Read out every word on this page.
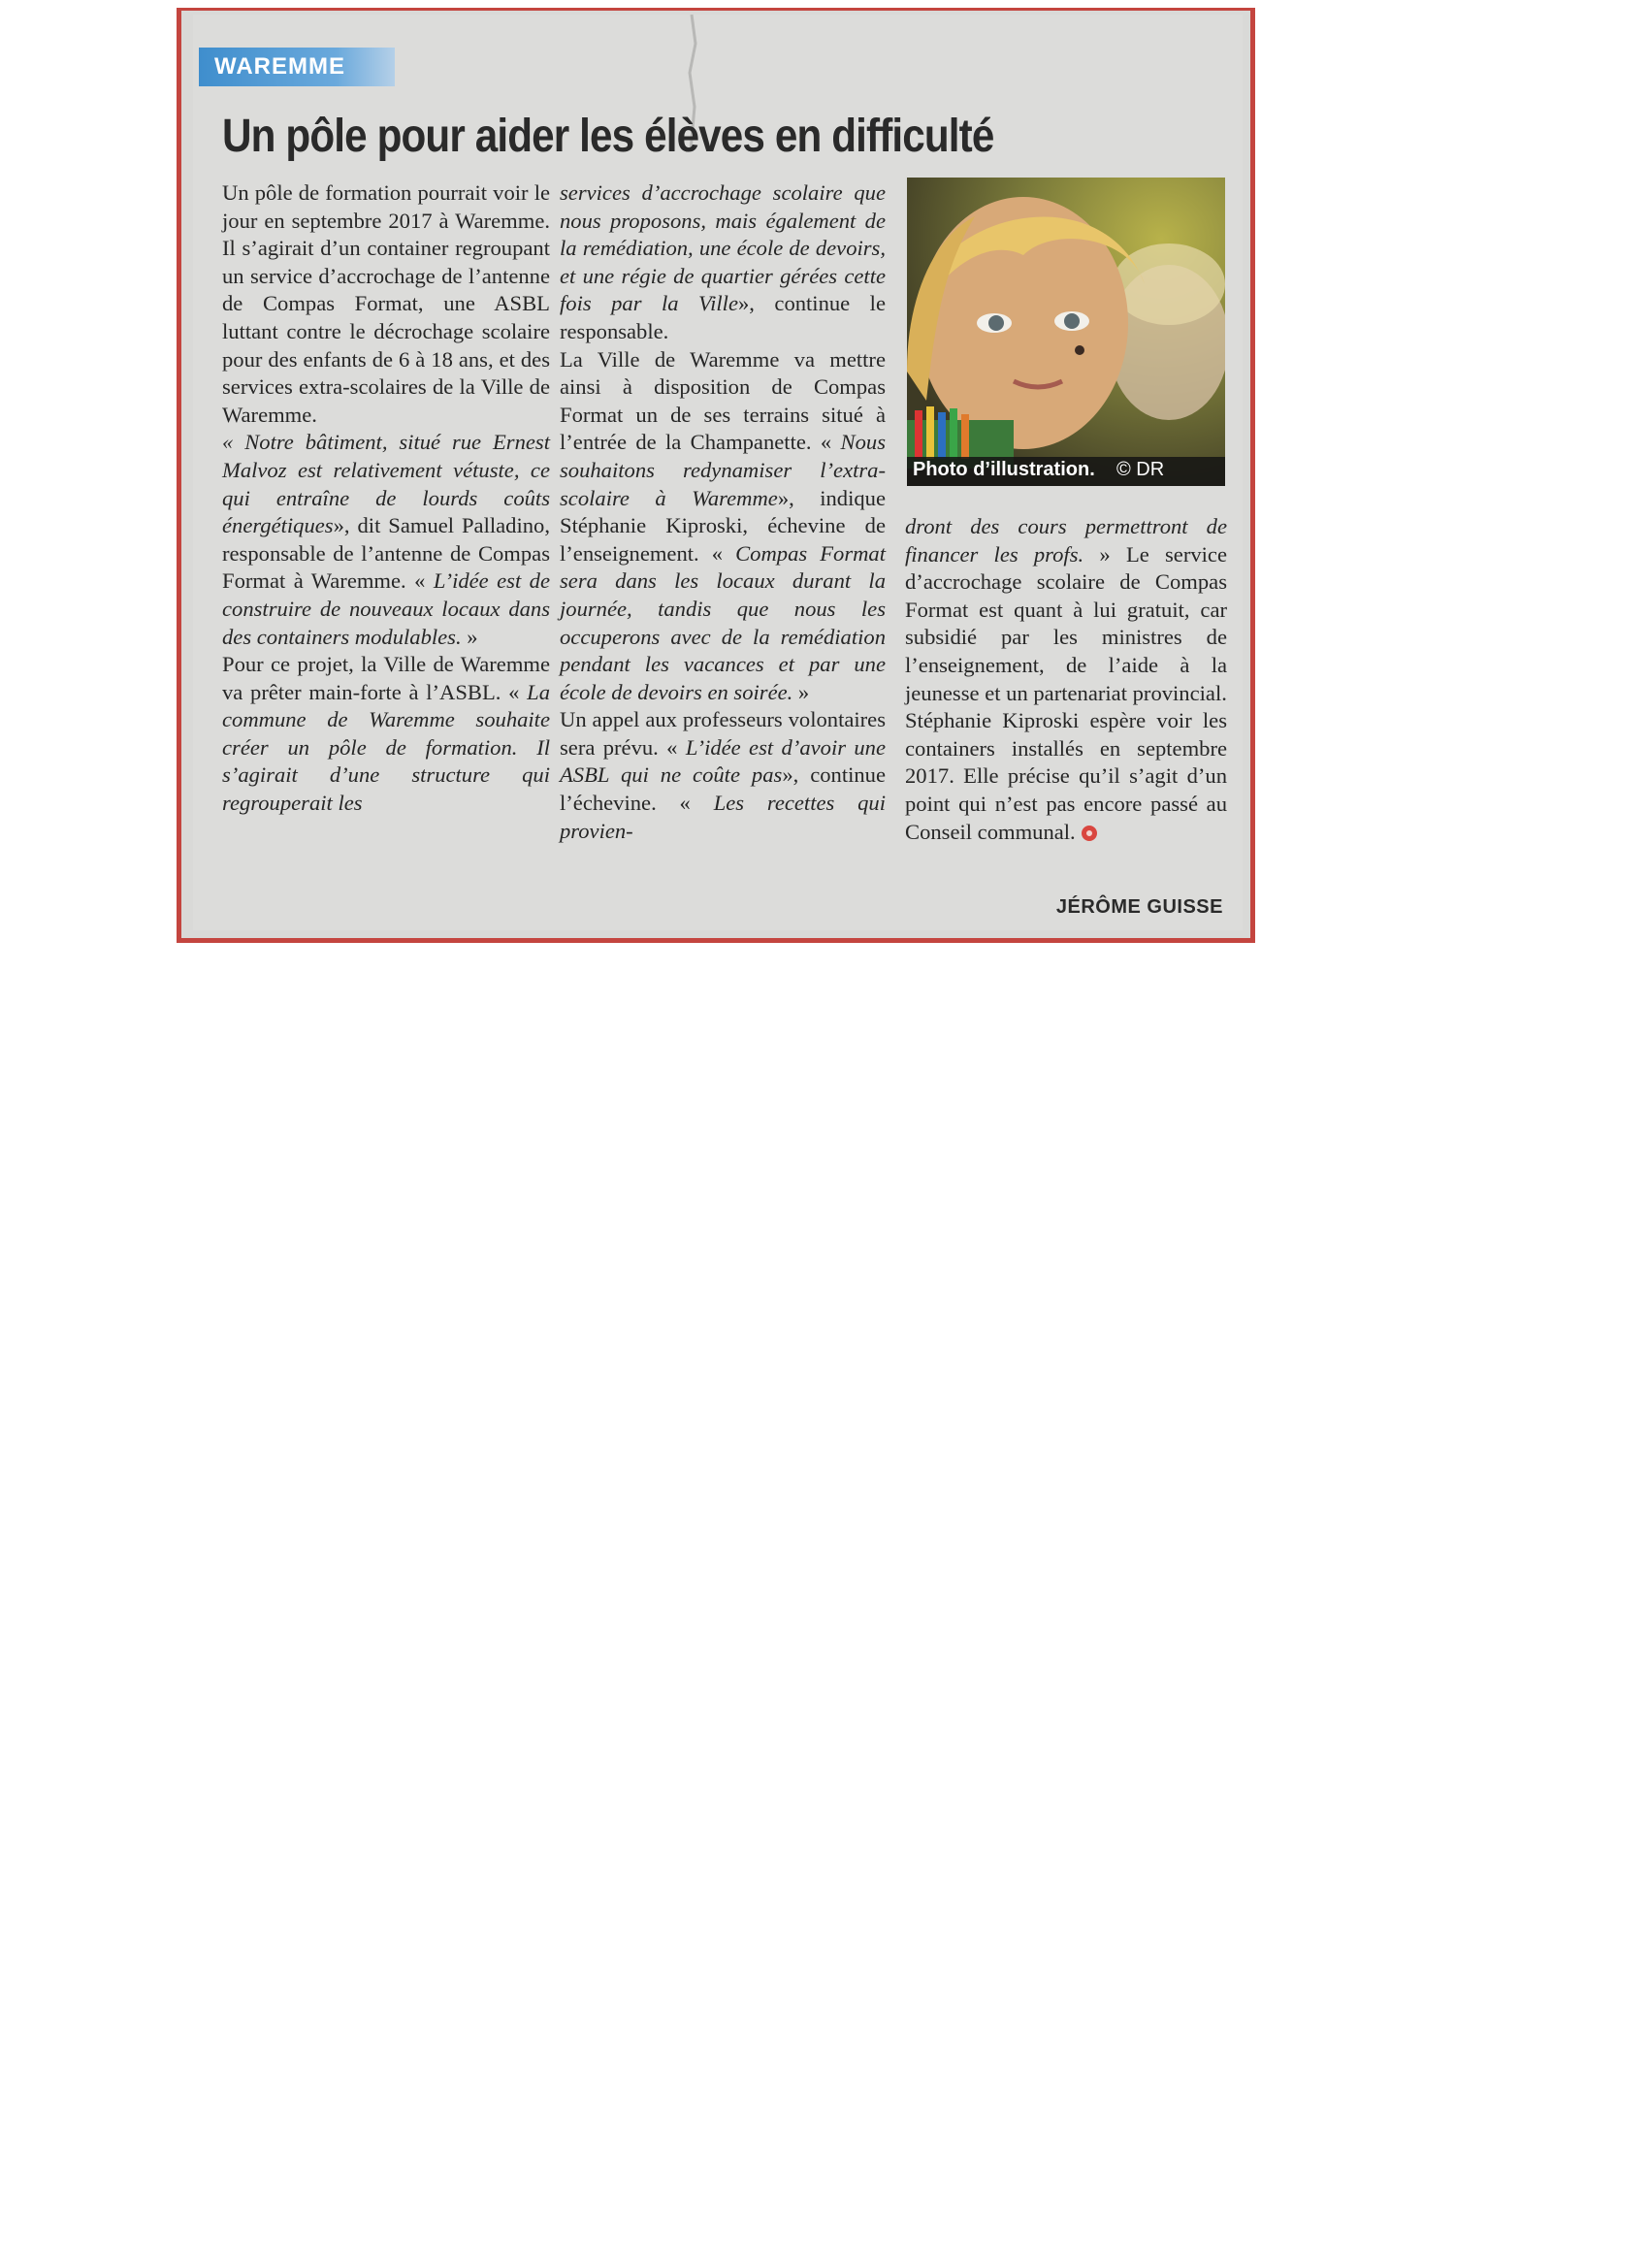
WAREMME
Un pôle pour aider les élèves en difficulté

Un pôle de formation pourrait voir le jour en septembre 2017 à Waremme. Il s’agirait d’un container regroupant un service d’accrochage de l’antenne de Compas Format, une ASBL luttant contre le décrochage scolaire pour des enfants de 6 à 18 ans, et des services extra-scolaires de la Ville de Waremme.

« Notre bâtiment, situé rue Ernest Malvoz est relativement vétuste, ce qui entraîne de lourds coûts énergétiques», dit Samuel Palladino, responsable de l’antenne de Compas Format à Waremme. « L’idée est de construire de nouveaux locaux dans des containers modulables. »

Pour ce projet, la Ville de Waremme va prêter main-forte à l’ASBL. « La commune de Waremme souhaite créer un pôle de formation. Il s’agirait d’une structure qui regrouperait les

services d’accrochage scolaire que nous proposons, mais également de la remédiation, une école de devoirs, et une régie de quartier gérées cette fois par la Ville», continue le responsable.

La Ville de Waremme va mettre ainsi à disposition de Compas Format un de ses terrains situé à l’entrée de la Champanette. « Nous souhaitons redynamiser l’extra-scolaire à Waremme», indique Stéphanie Kiproski, échevine de l’enseignement. « Compas Format sera dans les locaux durant la journée, tandis que nous les occuperons avec de la remédiation pendant les vacances et par une école de devoirs en soirée. »

Un appel aux professeurs volontaires sera prévu. « L’idée est d’avoir une ASBL qui ne coûte pas», continue l’échevine. « Les recettes qui provien-

Photo d’illustration. © DR

dront des cours permettront de financer les profs. » Le service d’accrochage scolaire de Compas Format est quant à lui gratuit, car subsidié par les ministres de l’enseignement, de l’aide à la jeunesse et un partenariat provincial.

Stéphanie Kiproski espère voir les containers installés en septembre 2017. Elle précise qu’il s’agit d’un point qui n’est pas encore passé au Conseil communal.

JÉRÔME GUISSE
